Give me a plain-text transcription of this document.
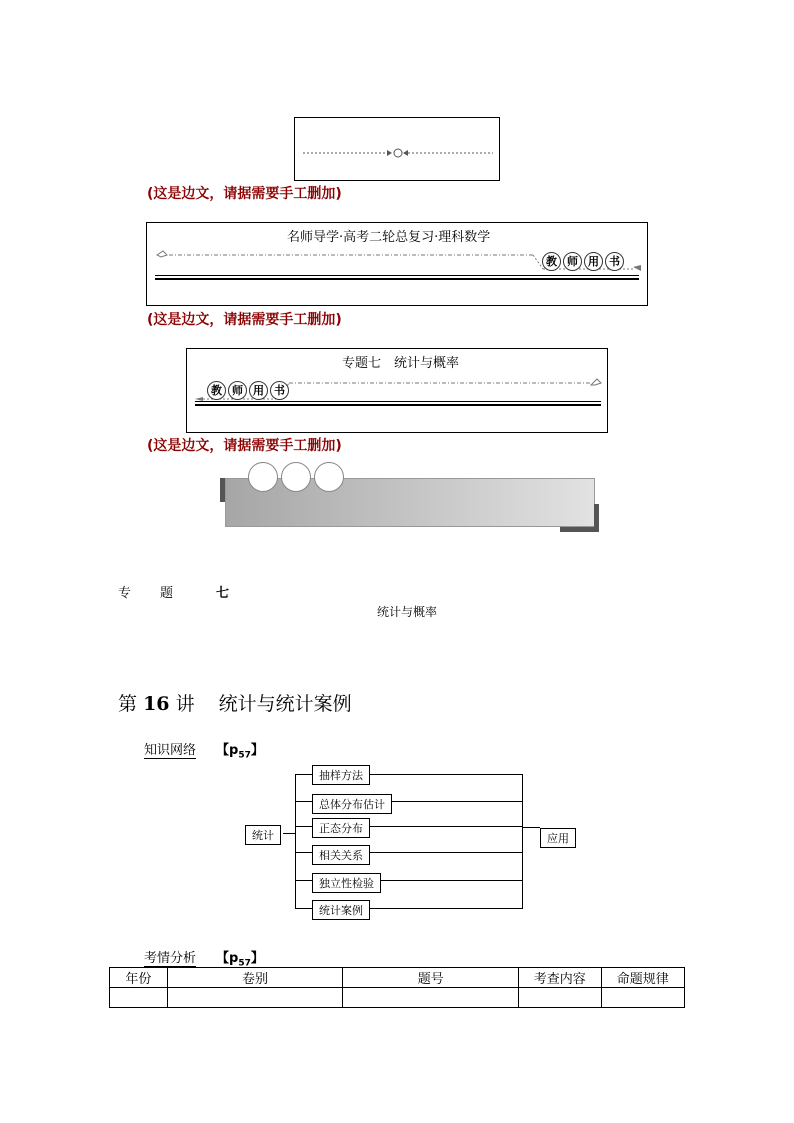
(这是边文，请据需要手工删加)
名师导学·高考二轮总复习·理科数学
教 师 用 书
(这是边文，请据需要手工删加)
专题七　统计与概率
教 师 用 书
(这是边文，请据需要手工删加)
专 题	七
统计与概率
第 16 讲 统计与统计案例
知识网络 【$p_{57}$】
统计
抽样方法
总体分布估计
正态分布
相关关系
独立性检验
统计案例
应用
考情分析 【$p_{57}$】
年份	卷别	题号	考查内容	命题规律
